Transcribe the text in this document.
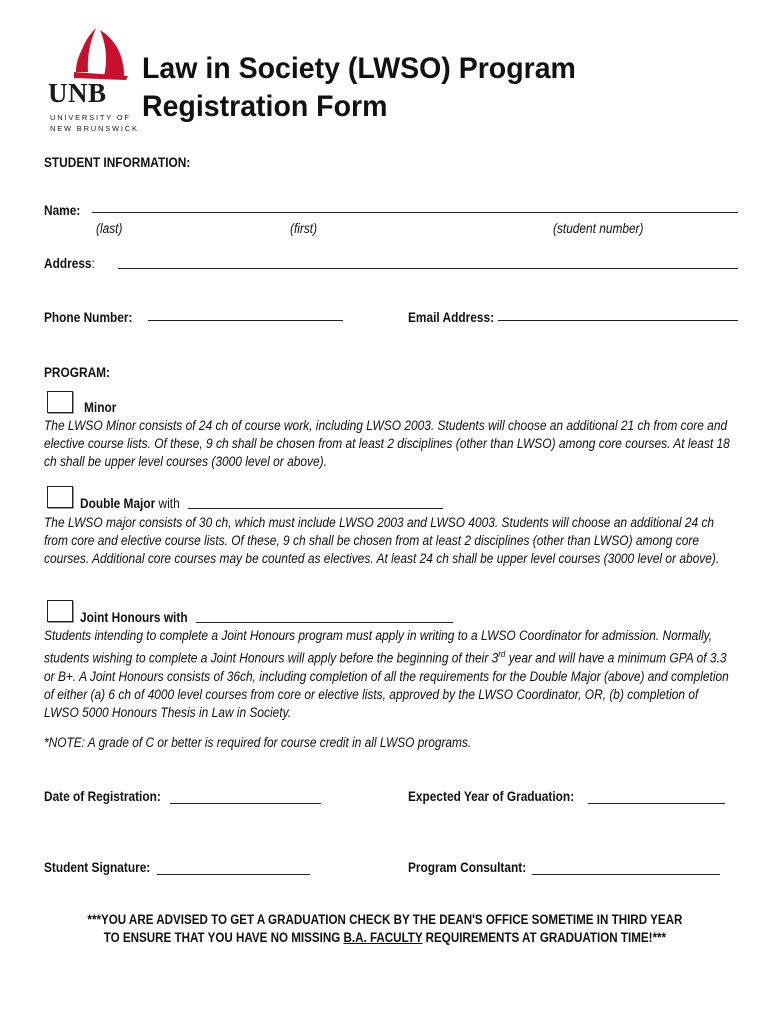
UNB
UNIVERSITY OF
NEW BRUNSWICK
Law in Society (LWSO) Program
Registration Form
STUDENT INFORMATION:
Name:
(last)	(first)	(student number)
Address:
Phone Number:	Email Address:
PROGRAM:
Minor
The LWSO Minor consists of 24 ch of course work, including LWSO 2003. Students will choose an additional 21 ch from core and elective course lists. Of these, 9 ch shall be chosen from at least 2 disciplines (other than LWSO) among core courses. At least 18 ch shall be upper level courses (3000 level or above).
Double Major with
The LWSO major consists of 30 ch, which must include LWSO 2003 and LWSO 4003. Students will choose an additional 24 ch from core and elective course lists. Of these, 9 ch shall be chosen from at least 2 disciplines (other than LWSO) among core courses. Additional core courses may be counted as electives. At least 24 ch shall be upper level courses (3000 level or above).
Joint Honours with
Students intending to complete a Joint Honours program must apply in writing to a LWSO Coordinator for admission. Normally, students wishing to complete a Joint Honours will apply before the beginning of their 3rd year and will have a minimum GPA of 3.3 or B+. A Joint Honours consists of 36ch, including completion of all the requirements for the Double Major (above) and completion of either (a) 6 ch of 4000 level courses from core or elective lists, approved by the LWSO Coordinator, OR, (b) completion of LWSO 5000 Honours Thesis in Law in Society.
*NOTE: A grade of C or better is required for course credit in all LWSO programs.
Date of Registration:	Expected Year of Graduation:
Student Signature:	Program Consultant:
***YOU ARE ADVISED TO GET A GRADUATION CHECK BY THE DEAN'S OFFICE SOMETIME IN THIRD YEAR
TO ENSURE THAT YOU HAVE NO MISSING B.A. FACULTY REQUIREMENTS AT GRADUATION TIME!***
